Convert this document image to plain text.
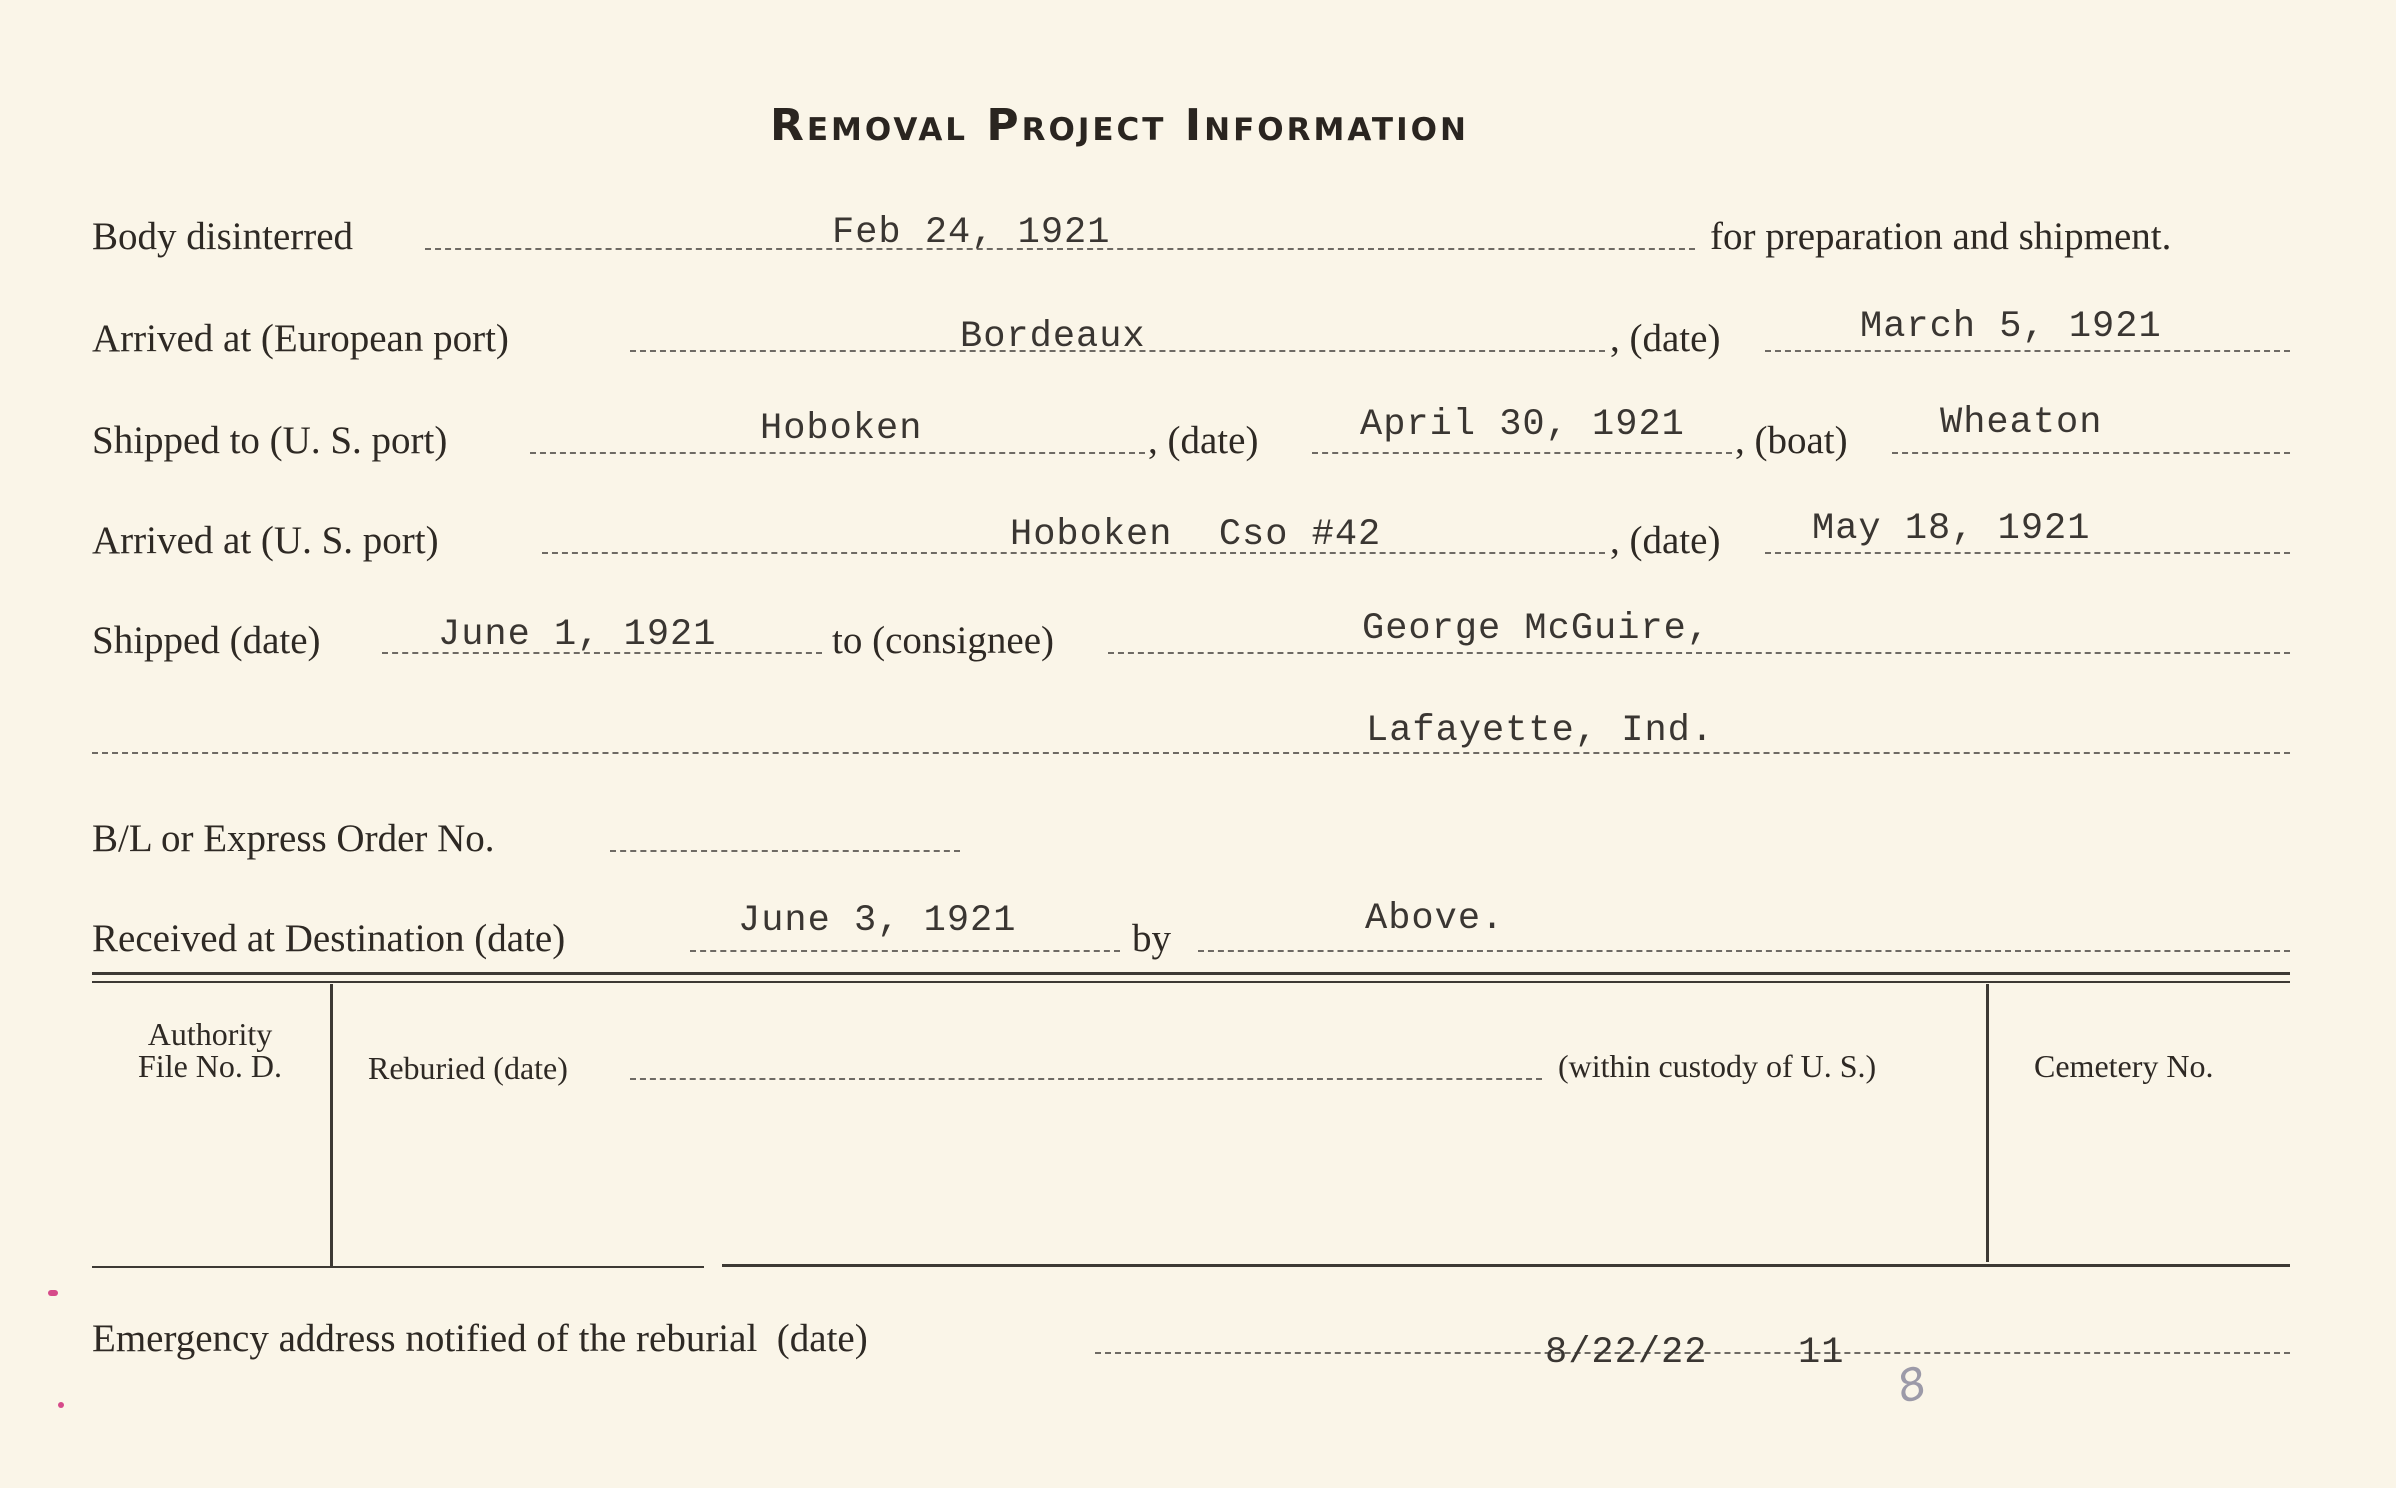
Removal Project Information
Body disinterred	Feb 24, 1921	for preparation and shipment.
Arrived at (European port)	Bordeaux	, (date)	March 5, 1921
Shipped to (U. S. port)	Hoboken	, (date)	April 30, 1921 , (boat) Wheaton
Arrived at (U. S. port)	Hoboken  Cso #42	, (date) May 18, 1921
Shipped (date)	June 1, 1921	to (consignee)	George McGuire,
Lafayette, Ind.
B/L or Express Order No.
Received at Destination (date)	June 3, 1921	by	Above.
Authority
File No. D.	Reburied (date)	(within custody of U. S.)	Cemetery No.
Emergency address notified of the reburial  (date)	8/22/22 11
8
